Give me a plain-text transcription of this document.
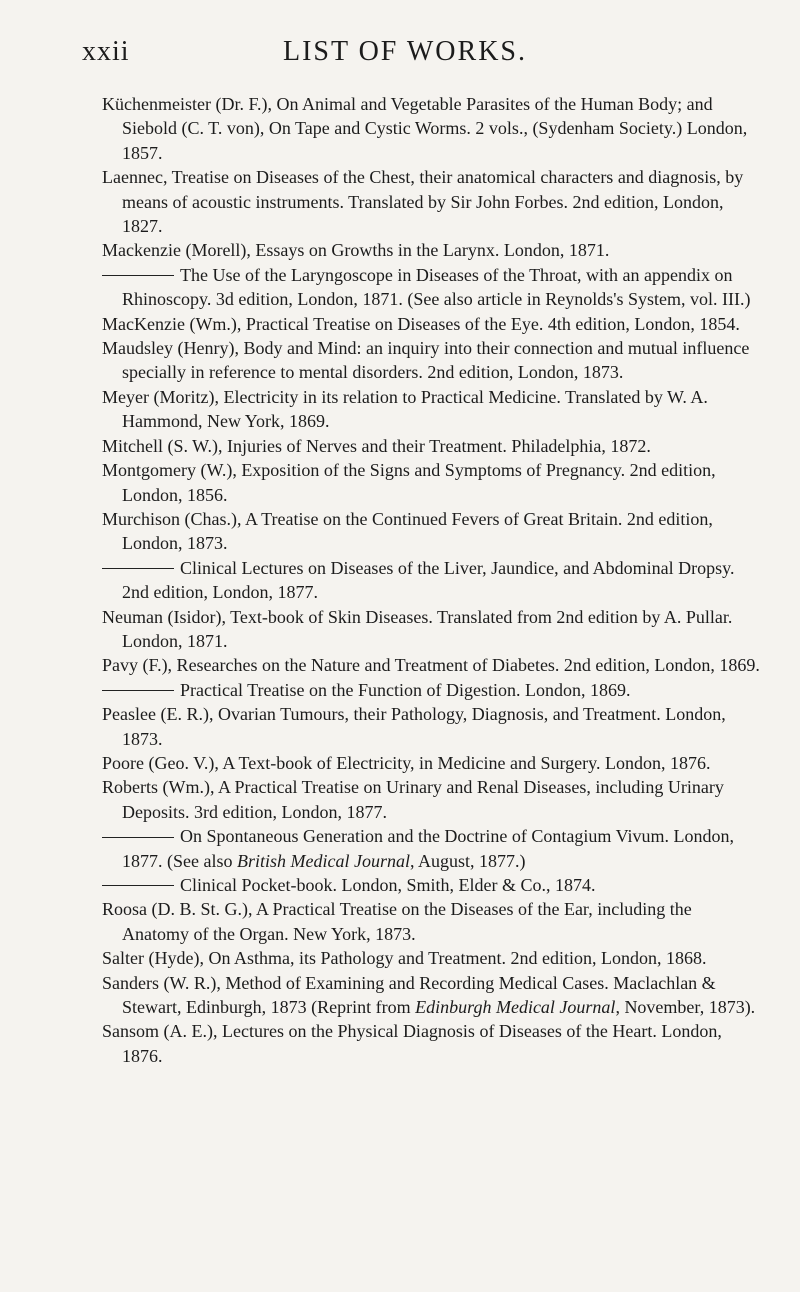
xxii	LIST OF WORKS.

Küchenmeister (Dr. F.), On Animal and Vegetable Parasites of the Human Body; and Siebold (C. T. von), On Tape and Cystic Worms. 2 vols., (Sydenham Society.) London, 1857.

Laennec, Treatise on Diseases of the Chest, their anatomical characters and diagnosis, by means of acoustic instruments. Translated by Sir John Forbes. 2nd edition, London, 1827.

Mackenzie (Morell), Essays on Growths in the Larynx. London, 1871.

The Use of the Laryngoscope in Diseases of the Throat, with an appendix on Rhinoscopy. 3d edition, London, 1871. (See also article in Reynolds's System, vol. III.)

MacKenzie (Wm.), Practical Treatise on Diseases of the Eye. 4th edition, London, 1854.

Maudsley (Henry), Body and Mind: an inquiry into their connection and mutual influence specially in reference to mental disorders. 2nd edition, London, 1873.

Meyer (Moritz), Electricity in its relation to Practical Medicine. Translated by W. A. Hammond, New York, 1869.

Mitchell (S. W.), Injuries of Nerves and their Treatment. Philadelphia, 1872.

Montgomery (W.), Exposition of the Signs and Symptoms of Pregnancy. 2nd edition, London, 1856.

Murchison (Chas.), A Treatise on the Continued Fevers of Great Britain. 2nd edition, London, 1873.

Clinical Lectures on Diseases of the Liver, Jaundice, and Abdominal Dropsy. 2nd edition, London, 1877.

Neuman (Isidor), Text-book of Skin Diseases. Translated from 2nd edition by A. Pullar. London, 1871.

Pavy (F.), Researches on the Nature and Treatment of Diabetes. 2nd edition, London, 1869.

Practical Treatise on the Function of Digestion. London, 1869.

Peaslee (E. R.), Ovarian Tumours, their Pathology, Diagnosis, and Treatment. London, 1873.

Poore (Geo. V.), A Text-book of Electricity, in Medicine and Surgery. London, 1876.

Roberts (Wm.), A Practical Treatise on Urinary and Renal Diseases, including Urinary Deposits. 3rd edition, London, 1877.

On Spontaneous Generation and the Doctrine of Contagium Vivum. London, 1877. (See also British Medical Journal, August, 1877.)

Clinical Pocket-book. London, Smith, Elder & Co., 1874.

Roosa (D. B. St. G.), A Practical Treatise on the Diseases of the Ear, including the Anatomy of the Organ. New York, 1873.

Salter (Hyde), On Asthma, its Pathology and Treatment. 2nd edition, London, 1868.

Sanders (W. R.), Method of Examining and Recording Medical Cases. Maclachlan & Stewart, Edinburgh, 1873 (Reprint from Edinburgh Medical Journal, November, 1873).

Sansom (A. E.), Lectures on the Physical Diagnosis of Diseases of the Heart. London, 1876.
